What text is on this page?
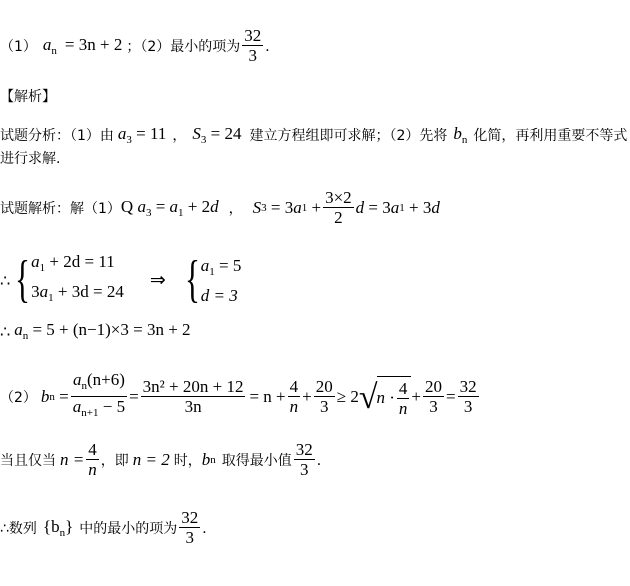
（1） $a_n = 3n + 2$ ；（2）最小的项为 $\frac{32}{3}$ ．
【解析】
试题分析：（1）由 $a_3 = 11$ ， $S_3 = 24$ 建立方程组即可求解；（2）先将 $b_n$ 化简，再利用重要不等式
进行求解.
试题解析：解（1） Q $a_3 = a_1 + 2d$ ， S 3 = 3 a $1 + \frac{3\times 2}{2}$ d = 3 a 1 + 3 d
∴ { $a_1 + 2d = 11$
$3a_1 + 3d = 24$
⇒ { $a_1 = 5$
d = 3
∴ $a_n = 5 + (n-1)\times 3 = 3n + 2$
（2） b $n = \frac{a_n(n+6)}{a_{n+1} - 5} = \frac{\text{3n² + 20n + 12}}{3n} = n + \frac{4}{n} + \frac{20}{3} \ge 2$ √ $n \cdot \frac{4}{n} + \frac{20}{3} = \frac{32}{3}$
当且仅当 $n = \frac{4}{n}$ ，即 n = 2 时， b n 取得最小值 $\frac{32}{3}$ ．
∴数列 $\{b_n\}$ 中的最小的项为 $\frac{32}{3}$ ．
